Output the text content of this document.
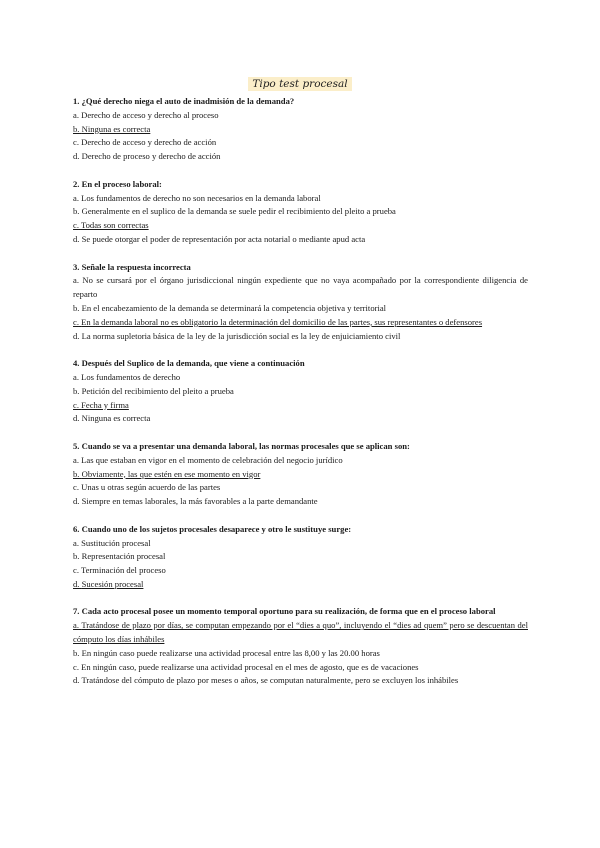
Tipo test procesal
1. ¿Qué derecho niega el auto de inadmisión de la demanda?
a. Derecho de acceso y derecho al proceso
b. Ninguna es correcta
c. Derecho de acceso y derecho de acción
d. Derecho de proceso y derecho de acción
2. En el proceso laboral:
a. Los fundamentos de derecho no son necesarios en la demanda laboral
b. Generalmente en el suplico de la demanda se suele pedir el recibimiento del pleito a prueba
c. Todas son correctas
d. Se puede otorgar el poder de representación por acta notarial o mediante apud acta
3. Señale la respuesta incorrecta
a. No se cursará por el órgano jurisdiccional ningún expediente que no vaya acompañado por la correspondiente diligencia de reparto
b. En el encabezamiento de la demanda se determinará la competencia objetiva y territorial
c. En la demanda laboral no es obligatorio la determinación del domicilio de las partes, sus representantes o defensores
d. La norma supletoria básica de la ley de la jurisdicción social es la ley de enjuiciamiento civil
4. Después del Suplico de la demanda, que viene a continuación
a. Los fundamentos de derecho
b. Petición del recibimiento del pleito a prueba
c. Fecha y firma
d. Ninguna es correcta
5. Cuando se va a presentar una demanda laboral, las normas procesales que se aplican son:
a. Las que estaban en vigor en el momento de celebración del negocio jurídico
b. Obviamente, las que estén en ese momento en vigor
c. Unas u otras según acuerdo de las partes
d. Siempre en temas laborales, la más favorables a la parte demandante
6. Cuando uno de los sujetos procesales desaparece y otro le sustituye surge:
a. Sustitución procesal
b. Representación procesal
c. Terminación del proceso
d. Sucesión procesal
7. Cada acto procesal posee un momento temporal oportuno para su realización, de forma que en el proceso laboral
a. Tratándose de plazo por días, se computan empezando por el “dies a quo”, incluyendo el “dies ad quem” pero se descuentan del cómputo los días inhábiles
b. En ningún caso puede realizarse una actividad procesal entre las 8,00 y las 20.00 horas
c. En ningún caso, puede realizarse una actividad procesal en el mes de agosto, que es de vacaciones
d. Tratándose del cómputo de plazo por meses o años, se computan naturalmente, pero se excluyen los inhábiles
